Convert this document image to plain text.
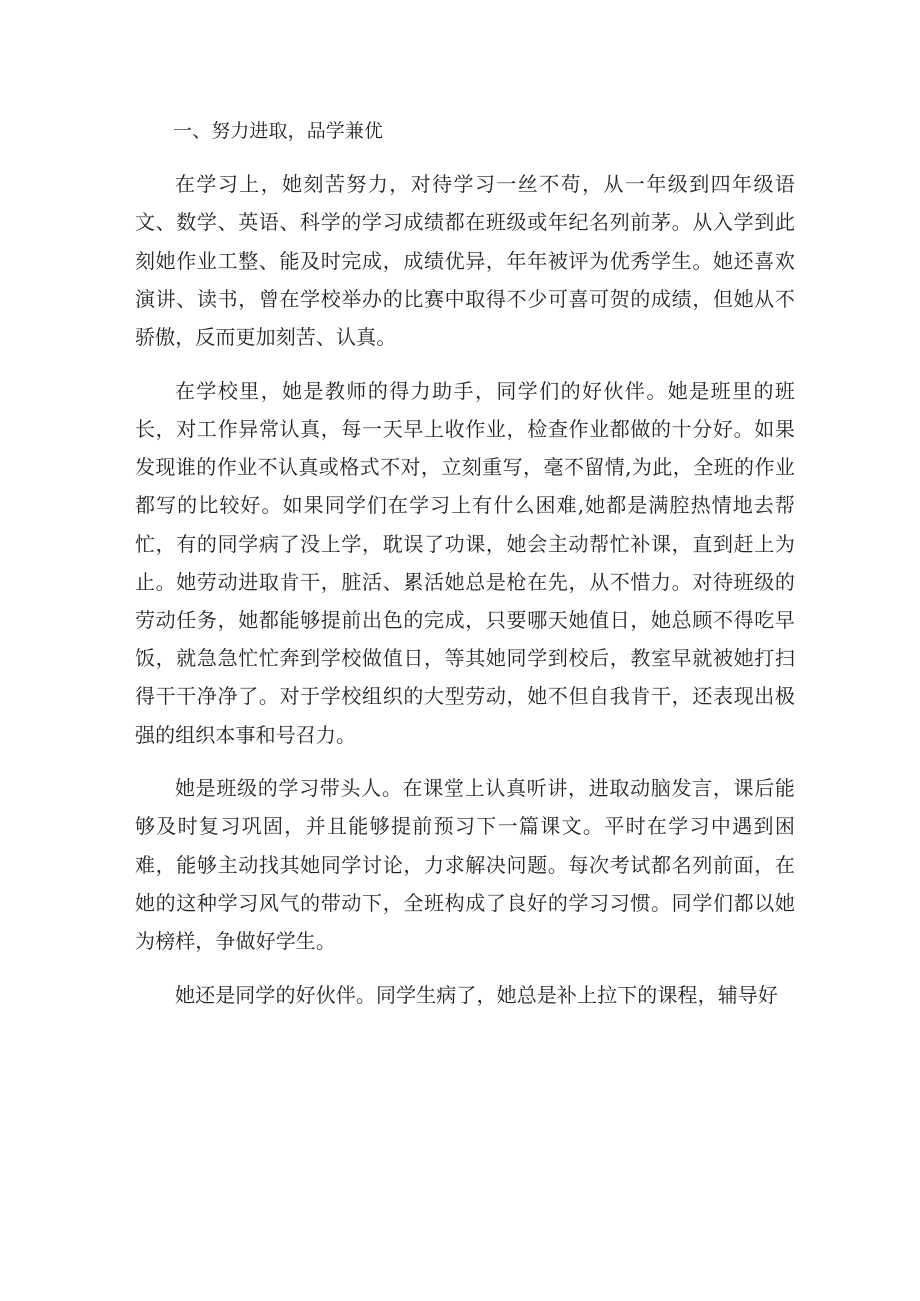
一、努力进取，品学兼优

在学习上，她刻苦努力，对待学习一丝不苟，从一年级到四年级语文、数学、英语、科学的学习成绩都在班级或年纪名列前茅。从入学到此刻她作业工整、能及时完成，成绩优异，年年被评为优秀学生。她还喜欢演讲、读书，曾在学校举办的比赛中取得不少可喜可贺的成绩，但她从不骄傲，反而更加刻苦、认真。

在学校里，她是教师的得力助手，同学们的好伙伴。她是班里的班长，对工作异常认真，每一天早上收作业，检查作业都做的十分好。如果发现谁的作业不认真或格式不对，立刻重写，毫不留情,为此，全班的作业都写的比较好。如果同学们在学习上有什么困难,她都是满腔热情地去帮忙，有的同学病了没上学，耽误了功课，她会主动帮忙补课，直到赶上为止。她劳动进取肯干，脏活、累活她总是枪在先，从不惜力。对待班级的劳动任务，她都能够提前出色的完成，只要哪天她值日，她总顾不得吃早饭，就急急忙忙奔到学校做值日，等其她同学到校后，教室早就被她打扫得干干净净了。对于学校组织的大型劳动，她不但自我肯干，还表现出极强的组织本事和号召力。

她是班级的学习带头人。在课堂上认真听讲，进取动脑发言，课后能够及时复习巩固，并且能够提前预习下一篇课文。平时在学习中遇到困难，能够主动找其她同学讨论，力求解决问题。每次考试都名列前面，在她的这种学习风气的带动下，全班构成了良好的学习习惯。同学们都以她为榜样，争做好学生。

她还是同学的好伙伴。同学生病了，她总是补上拉下的课程，辅导好
